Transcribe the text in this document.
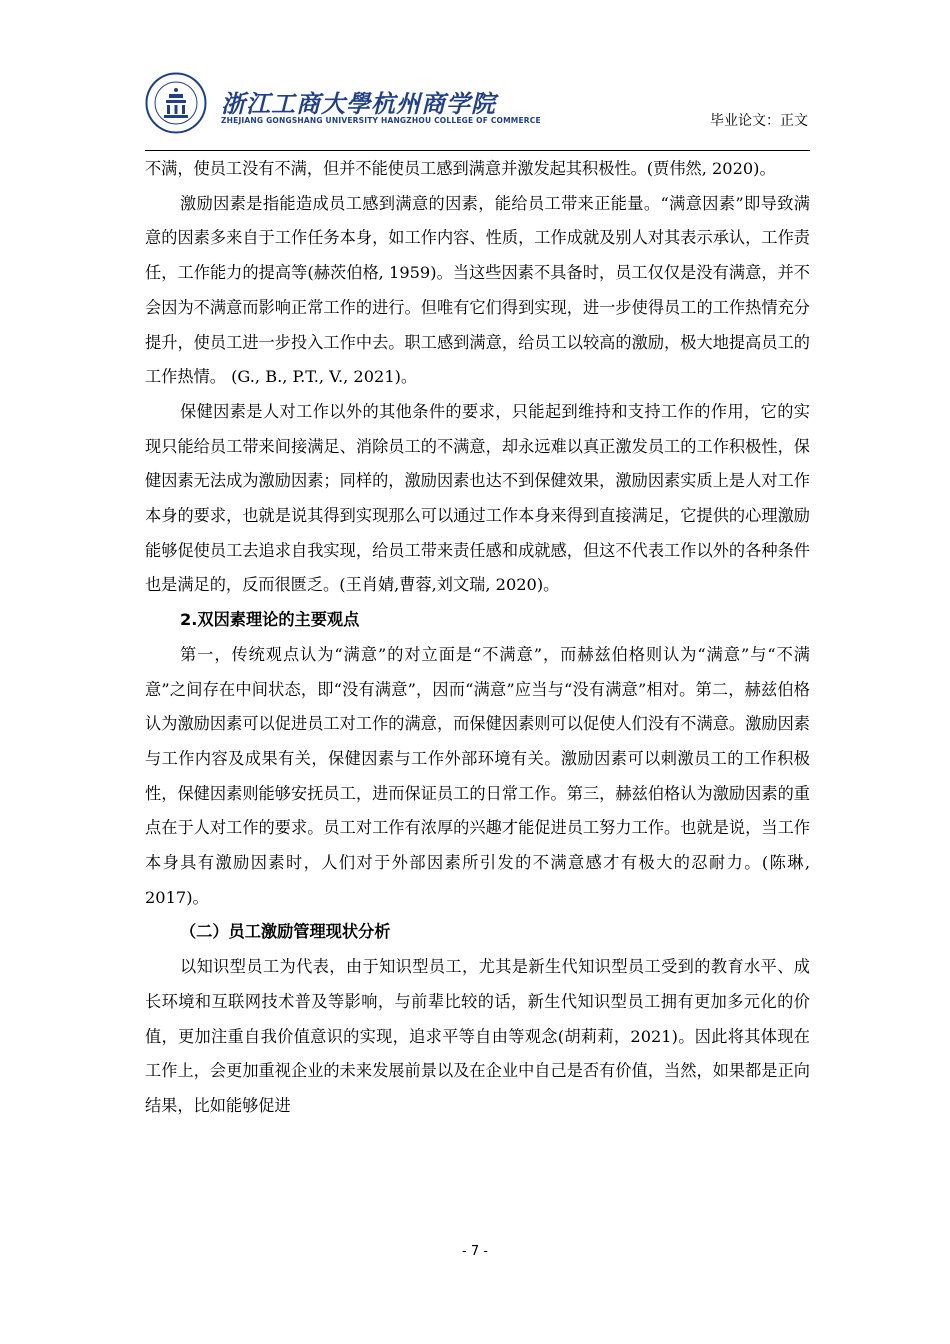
浙江工商大學杭州商学院
ZHEJIANG GONGSHANG UNIVERSITY HANGZHOU COLLEGE OF COMMERCE	毕业论文：正文

不满，使员工没有不满，但并不能使员工感到满意并激发起其积极性。(贾伟然, 2020)。

激励因素是指能造成员工感到满意的因素，能给员工带来正能量。“满意因素”即导致满意的因素多来自于工作任务本身，如工作内容、性质，工作成就及别人对其表示承认，工作责任，工作能力的提高等(赫茨伯格, 1959)。当这些因素不具备时，员工仅仅是没有满意，并不会因为不满意而影响正常工作的进行。但唯有它们得到实现，进一步使得员工的工作热情充分提升，使员工进一步投入工作中去。职工感到满意，给员工以较高的激励，极大地提高员工的工作热情。 (G., B., P.T., V., 2021)。

保健因素是人对工作以外的其他条件的要求，只能起到维持和支持工作的作用，它的实现只能给员工带来间接满足、消除员工的不满意，却永远难以真正激发员工的工作积极性，保健因素无法成为激励因素；同样的，激励因素也达不到保健效果，激励因素实质上是人对工作本身的要求，也就是说其得到实现那么可以通过工作本身来得到直接满足，它提供的心理激励能够促使员工去追求自我实现，给员工带来责任感和成就感，但这不代表工作以外的各种条件也是满足的，反而很匮乏。(王肖婧,曹蓉,刘文瑞, 2020)。

2.双因素理论的主要观点

第一，传统观点认为“满意”的对立面是“不满意”，而赫兹伯格则认为“满意”与“不满意”之间存在中间状态，即“没有满意”，因而“满意”应当与“没有满意”相对。第二，赫兹伯格认为激励因素可以促进员工对工作的满意，而保健因素则可以促使人们没有不满意。激励因素与工作内容及成果有关，保健因素与工作外部环境有关。激励因素可以刺激员工的工作积极性，保健因素则能够安抚员工，进而保证员工的日常工作。第三，赫兹伯格认为激励因素的重点在于人对工作的要求。员工对工作有浓厚的兴趣才能促进员工努力工作。也就是说，当工作本身具有激励因素时，人们对于外部因素所引发的不满意感才有极大的忍耐力。(陈琳, 2017)。

（二）员工激励管理现状分析

以知识型员工为代表，由于知识型员工，尤其是新生代知识型员工受到的教育水平、成长环境和互联网技术普及等影响，与前辈比较的话，新生代知识型员工拥有更加多元化的价值，更加注重自我价值意识的实现，追求平等自由等观念(胡莉莉，2021)。因此将其体现在工作上，会更加重视企业的未来发展前景以及在企业中自己是否有价值，当然，如果都是正向结果，比如能够促进

- 7 -
